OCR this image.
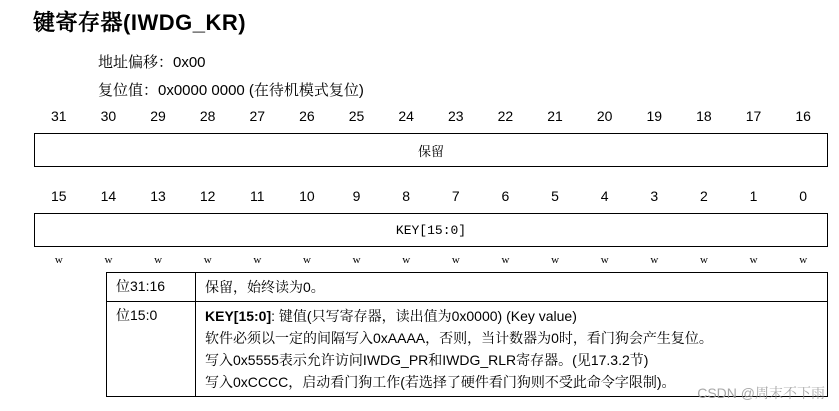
键寄存器(IWDG_KR)
地址偏移：0x00
复位值：0x0000 0000 (在待机模式复位)
31	30	29	28	27	26	25	24	23	22	21	20	19	18	17	16
保留
15	14	13	12	11	10	9	8	7	6	5	4	3	2	1	0
KEY[15:0]
w	w	w	w	w	w	w	w	w	w	w	w	w	w	w	w
位31:16	保留，始终读为0。

位15:0	KEY[15:0]: 键值(只写寄存器，读出值为0x0000) (Key value)
软件必须以一定的间隔写入0xAAAA，否则，当计数器为0时，看门狗会产生复位。
写入0x5555表示允许访问IWDG_PR和IWDG_RLR寄存器。(见17.3.2节)
写入0xCCCC，启动看门狗工作(若选择了硬件看门狗则不受此命令字限制)。
CSDN @周末不下雨
